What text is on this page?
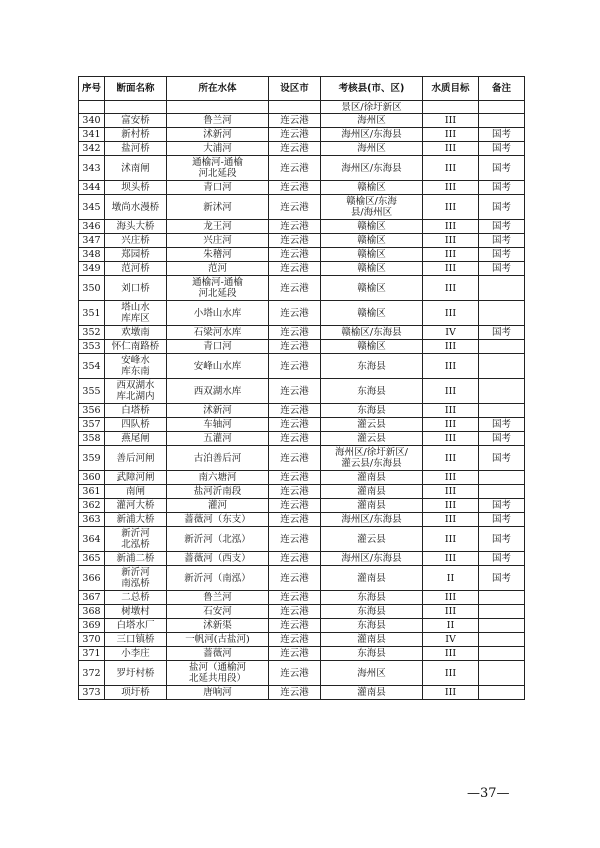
序号	断面名称	所在水体	设区市	考核县(市、区)	水质目标	备注
				景区/徐圩新区		
340	富安桥	鲁兰河	连云港	海州区	III	
341	新村桥	沭新河	连云港	海州区/东海县	III	国考
342	盐河桥	大浦河	连云港	海州区	III	国考
343	沭南闸	通榆河-通榆
河北延段	连云港	海州区/东海县	III	国考
344	坝头桥	青口河	连云港	赣榆区	III	国考
345	墩尚水漫桥	新沭河	连云港	赣榆区/东海
县/海州区	III	国考
346	海头大桥	龙王河	连云港	赣榆区	III	国考
347	兴庄桥	兴庄河	连云港	赣榆区	III	国考
348	郑园桥	朱稽河	连云港	赣榆区	III	国考
349	范河桥	范河	连云港	赣榆区	III	国考
350	刘口桥	通榆河-通榆
河北延段	连云港	赣榆区	III	
351	塔山水
库库区	小塔山水库	连云港	赣榆区	III	
352	欢墩南	石梁河水库	连云港	赣榆区/东海县	IV	国考
353	怀仁南路桥	青口河	连云港	赣榆区	III	
354	安峰水
库东南	安峰山水库	连云港	东海县	III	
355	西双湖水
库北湖内	西双湖水库	连云港	东海县	III	
356	白塔桥	沭新河	连云港	东海县	III	
357	四队桥	车轴河	连云港	灌云县	III	国考
358	燕尾闸	五灌河	连云港	灌云县	III	国考
359	善后河闸	古泊善后河	连云港	海州区/徐圩新区/
灌云县/东海县	III	国考
360	武障河闸	南六塘河	连云港	灌南县	III	
361	南闸	盐河沂南段	连云港	灌南县	III	
362	灌河大桥	灌河	连云港	灌南县	III	国考
363	新浦大桥	蔷薇河（东支）	连云港	海州区/东海县	III	国考
364	新沂河
北泓桥	新沂河（北泓）	连云港	灌云县	III	国考
365	新浦二桥	蔷薇河（西支）	连云港	海州区/东海县	III	国考
366	新沂河
南泓桥	新沂河（南泓）	连云港	灌南县	II	国考
367	二总桥	鲁兰河	连云港	东海县	III	
368	树墩村	石安河	连云港	东海县	III	
369	白塔水厂	沭新渠	连云港	东海县	II	
370	三口镇桥	一帆河(古盐河)	连云港	灌南县	IV	
371	小李庄	蔷薇河	连云港	东海县	III	
372	罗圩村桥	盐河（通榆河
北延共用段）	连云港	海州区	III	
373	项圩桥	唐响河	连云港	灌南县	III	
—37—
